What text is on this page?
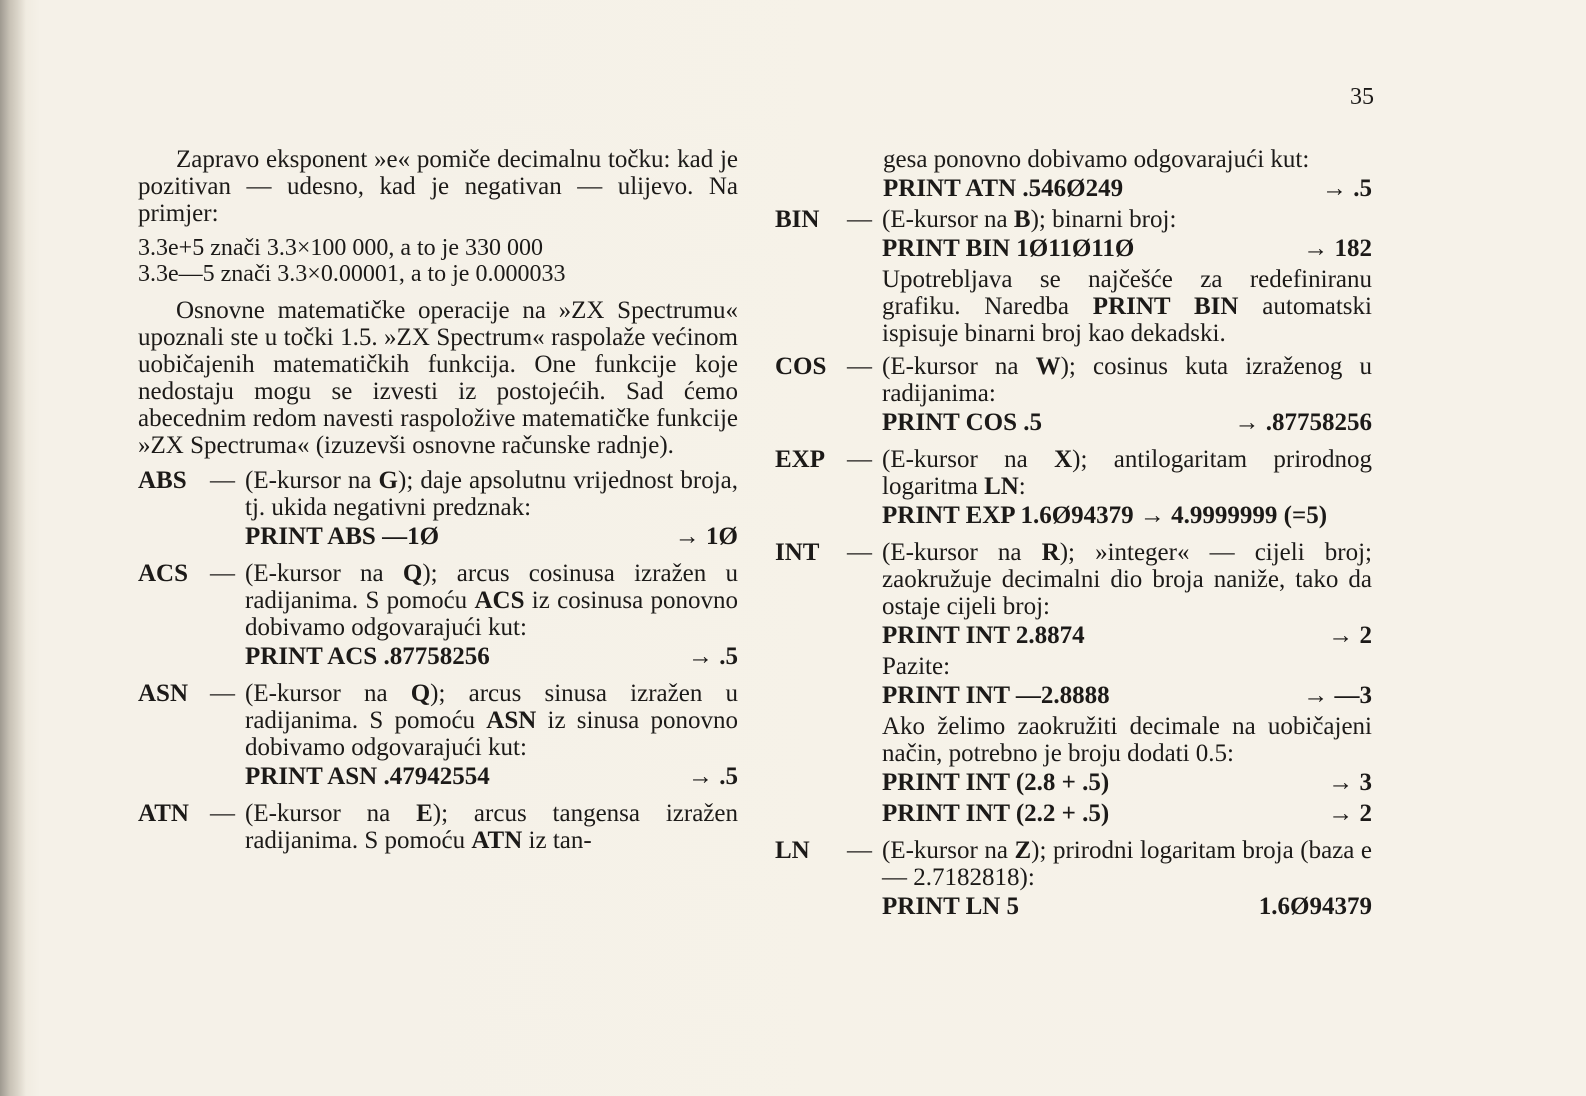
35

Zapravo eksponent »e« pomiče decimalnu točku: kad je pozitivan — udesno, kad je negativan — ulijevo. Na primjer:

3.3e+5 znači 3.3×100 000, a to je 330 000

3.3e—5 znači 3.3×0.00001, a to je 0.000033

Osnovne matematičke operacije na »ZX Spectrumu« upoznali ste u točki 1.5. »ZX Spectrum« raspolaže većinom uobičajenih matematičkih funkcija. One funkcije koje nedostaju mogu se izvesti iz postojećih. Sad ćemo abecednim redom navesti raspoložive matematičke funkcije »ZX Spectruma« (izuzevši osnovne računske radnje).

ABS — (E-kursor na G); daje apsolutnu vrijednost broja, tj. ukida negativni predznak:
PRINT ABS —1Ø	→ 1Ø
ACS — (E-kursor na Q); arcus cosinusa izražen u radijanima. S pomoću ACS iz cosinusa ponovno dobivamo odgovarajući kut:
PRINT ACS .87758256	→ .5
ASN — (E-kursor na Q); arcus sinusa izražen u radijanima. S pomoću ASN iz sinusa ponovno dobivamo odgovarajući kut:
PRINT ASN .47942554	→ .5
ATN — (E-kursor na E); arcus tangensa izražen radijanima. S pomoću ATN iz tan-
gesa ponovno dobivamo odgovarajući kut:
PRINT ATN .546Ø249	→ .5
BIN	— (E-kursor na B); binarni broj:
PRINT BIN 1Ø11Ø11Ø	→ 182
Upotrebljava se najčešće za redefiniranu grafiku. Naredba PRINT BIN automatski ispisuje binarni broj kao dekadski.
COS — (E-kursor na W); cosinus kuta izraženog u radijanima:
PRINT COS .5	→ .87758256
EXP — (E-kursor na X); antilogaritam prirodnog logaritma LN:
PRINT EXP 1.6Ø94379 → 4.9999999 (=5)
INT	— (E-kursor na R); »integer« — cijeli broj; zaokružuje decimalni dio broja naniže, tako da ostaje cijeli broj:
PRINT INT 2.8874	→ 2
Pazite:
PRINT INT —2.8888	→ —3
Ako želimo zaokružiti decimale na uobičajeni način, potrebno je broju dodati 0.5:
PRINT INT (2.8 + .5)	→ 3
PRINT INT (2.2 + .5)	→ 2
LN	— (E-kursor na Z); prirodni logaritam broja (baza e — 2.7182818):
PRINT LN 5	1.6Ø94379
